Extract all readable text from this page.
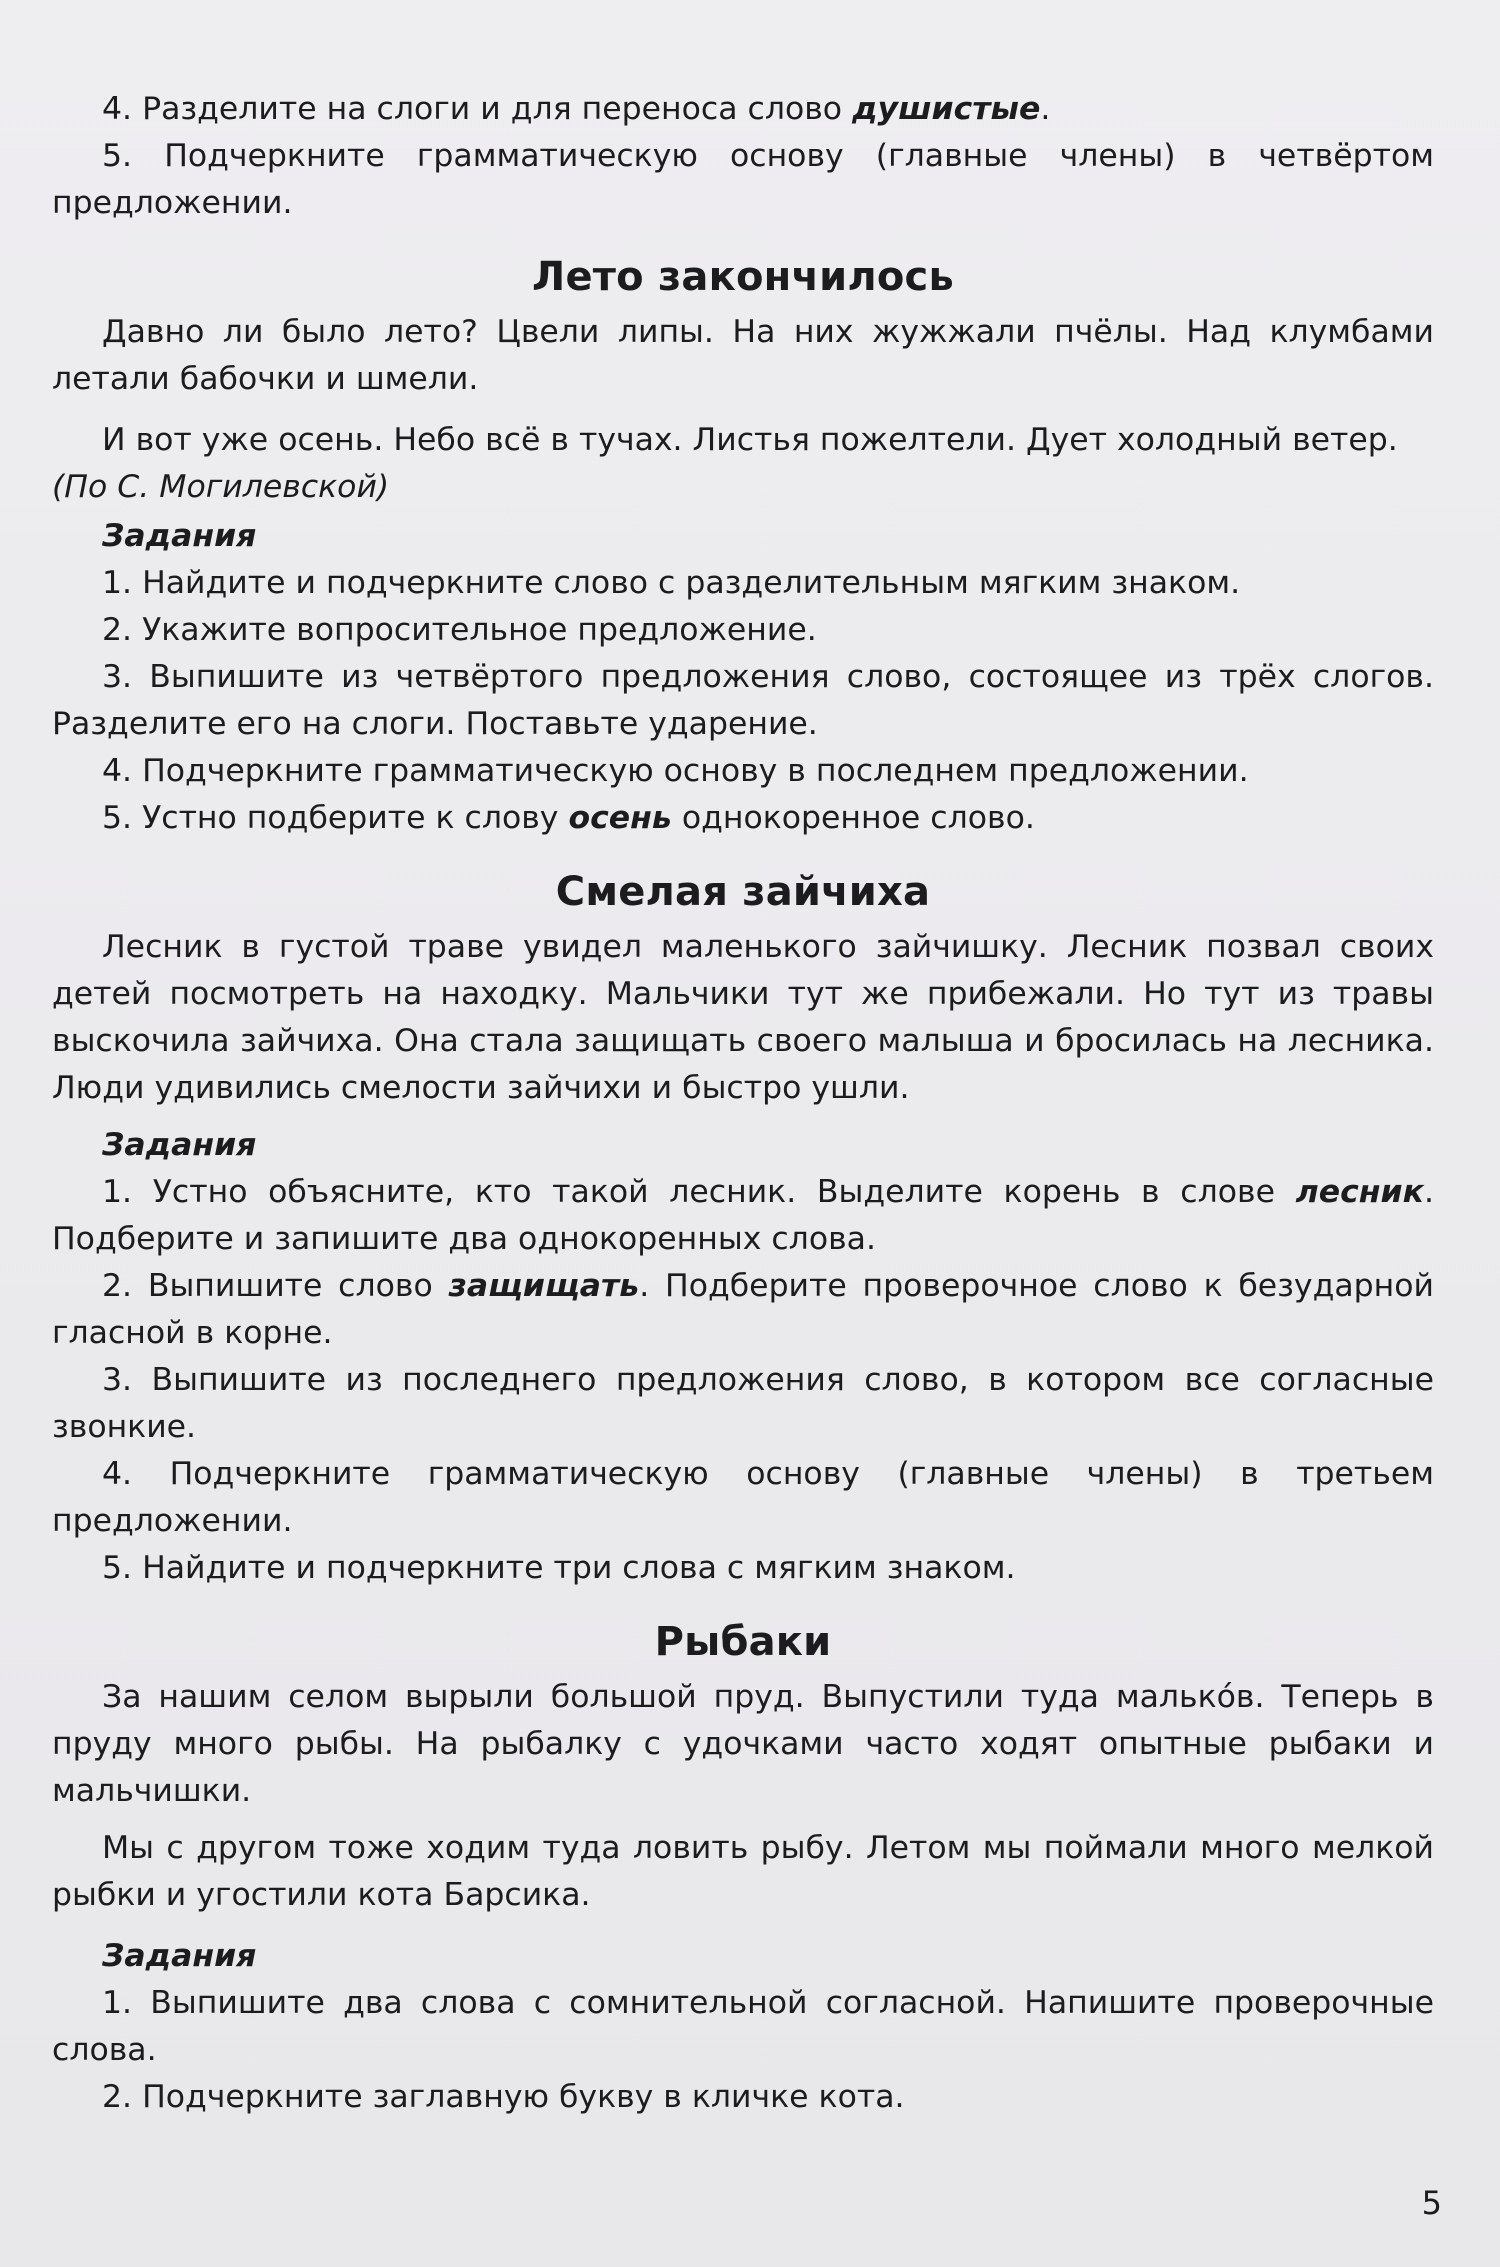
4. Разделите на слоги и для переноса слово душистые.

5. Подчеркните грамматическую основу (главные члены) в четвёртом предложении.

Лето закончилось

Давно ли было лето? Цвели липы. На них жужжали пчёлы. Над клумбами летали бабочки и шмели.

И вот уже осень. Небо всё в тучах. Листья пожелтели. Дует холодный ветер.

(По С. Могилевской)

Задания

1. Найдите и подчеркните слово с разделительным мягким знаком.

2. Укажите вопросительное предложение.

3. Выпишите из четвёртого предложения слово, состоящее из трёх слогов. Разделите его на слоги. Поставьте ударение.

4. Подчеркните грамматическую основу в последнем предложении.

5. Устно подберите к слову осень однокоренное слово.

Смелая зайчиха

Лесник в густой траве увидел маленького зайчишку. Лесник позвал своих детей посмотреть на находку. Мальчики тут же прибежали. Но тут из травы выскочила зайчиха. Она стала защищать своего малыша и бросилась на лесника. Люди удивились смелости зайчихи и быстро ушли.

Задания

1. Устно объясните, кто такой лесник. Выделите корень в слове лесник. Подберите и запишите два однокоренных слова.

2. Выпишите слово защищать. Подберите проверочное слово к безударной гласной в корне.

3. Выпишите из последнего предложения слово, в котором все согласные звонкие.

4. Подчеркните грамматическую основу (главные члены) в третьем предложении.

5. Найдите и подчеркните три слова с мягким знаком.

Рыбаки

За нашим селом вырыли большой пруд. Выпустили туда малькóв. Теперь в пруду много рыбы. На рыбалку с удочками часто ходят опытные рыбаки и мальчишки.

Мы с другом тоже ходим туда ловить рыбу. Летом мы поймали много мелкой рыбки и угостили кота Барсика.

Задания

1. Выпишите два слова с сомнительной согласной. Напишите проверочные слова.

2. Подчеркните заглавную букву в кличке кота.

5
